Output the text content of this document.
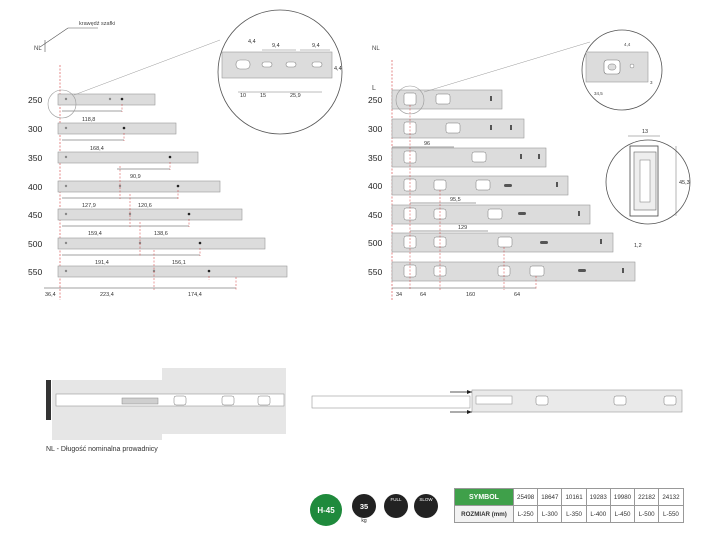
krawędź szafki
NL
250
300
350
400
450
500
550
118,8
168,4
90,9
127,9	120,6
159,4	138,6
191,4	156,1
36,4	223,4	174,4
4,4
9,4	9,4
4,4
10	15	25,9
NL
L
250
300
350
400
450
500
550
96
95,5
129
34	64	160	64
4,4
34,5
3
13
45,3
1,2
NL - Długość nominalna prowadnicy
H-45	35
kg
FULL	SLOW	SYMBOL	25498	18647	10161	19283	19980	22182	24132
ROZMIAR (mm)	L-250	L-300	L-350	L-400	L-450	L-500	L-550
